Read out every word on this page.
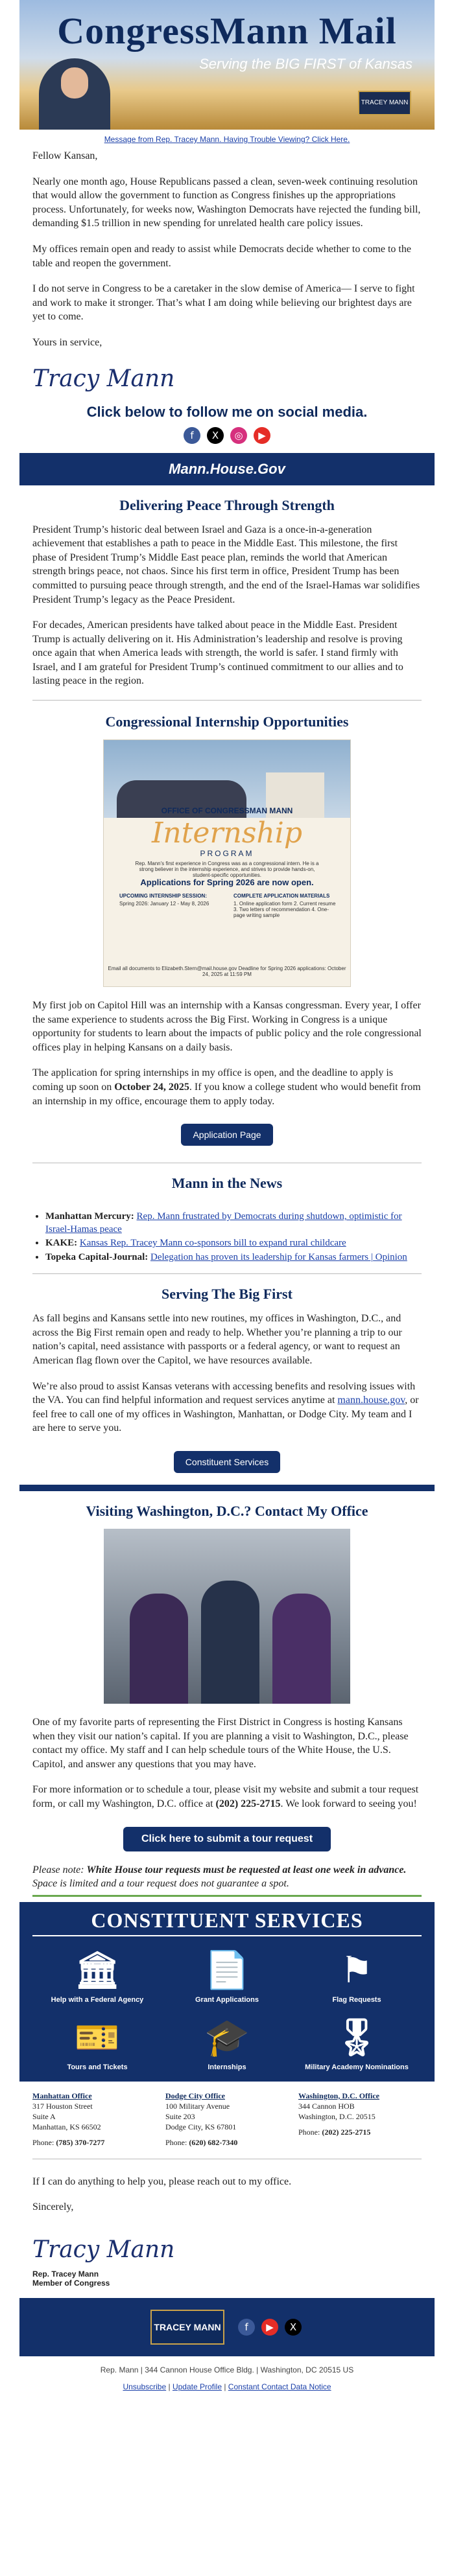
CongressMann Mail
Serving the BIG FIRST of Kansas
TRACEY MANN
Message from Rep. Tracey Mann. Having Trouble Viewing? Click Here.

Fellow Kansan,

Nearly one month ago, House Republicans passed a clean, seven-week continuing resolution that would allow the government to function as Congress finishes up the appropriations process. Unfortunately, for weeks now, Washington Democrats have rejected the funding bill, demanding $1.5 trillion in new spending for unrelated health care policy issues.

My offices remain open and ready to assist while Democrats decide whether to come to the table and reopen the government.

I do not serve in Congress to be a caretaker in the slow demise of America— I serve to fight and work to make it stronger. That’s what I am doing while believing our brightest days are yet to come.

Yours in service,

Tracy Mann
Click below to follow me on social media.
f X ◎ ▶
Mann.House.Gov
Delivering Peace Through Strength

President Trump’s historic deal between Israel and Gaza is a once-in-a-generation achievement that establishes a path to peace in the Middle East. This milestone, the first phase of President Trump’s Middle East peace plan, reminds the world that American strength brings peace, not chaos. Since his first term in office, President Trump has been committed to pursuing peace through strength, and the end of the Israel-Hamas war solidifies President Trump’s legacy as the Peace President.

For decades, American presidents have talked about peace in the Middle East. President Trump is actually delivering on it. His Administration’s leadership and resolve is proving once again that when America leads with strength, the world is safer. I stand firmly with Israel, and I am grateful for President Trump’s continued commitment to our allies and to lasting peace in the region.

Congressional Internship Opportunities
OFFICE OF CONGRESSMAN MANN
Internship
PROGRAM
Rep. Mann's first experience in Congress was as a congressional intern. He is a strong believer in the internship experience, and strives to provide hands-on, student-specific opportunities.
Applications for Spring 2026 are now open.
UPCOMING INTERNSHIP SESSION:
Spring 2026: January 12 - May 8, 2026
COMPLETE APPLICATION MATERIALS
1. Online application form 2. Current resume 3. Two letters of recommendation 4. One-page writing sample
Email all documents to Elizabeth.Stern@mail.house.gov Deadline for Spring 2026 applications: October 24, 2025 at 11:59 PM

My first job on Capitol Hill was an internship with a Kansas congressman. Every year, I offer the same experience to students across the Big First. Working in Congress is a unique opportunity for students to learn about the impacts of public policy and the role congressional offices play in helping Kansans on a daily basis.

The application for spring internships in my office is open, and the deadline to apply is coming up soon on October 24, 2025. If you know a college student who would benefit from an internship in my office, encourage them to apply today.

Application Page
Mann in the News
• Manhattan Mercury: Rep. Mann frustrated by Democrats during shutdown, optimistic for Israel-Hamas peace
• KAKE: Kansas Rep. Tracey Mann co-sponsors bill to expand rural childcare
• Topeka Capital-Journal: Delegation has proven its leadership for Kansas farmers | Opinion
Serving The Big First

As fall begins and Kansans settle into new routines, my offices in Washington, D.C., and across the Big First remain open and ready to help. Whether you’re planning a trip to our nation’s capital, need assistance with passports or a federal agency, or want to request an American flag flown over the Capitol, we have resources available.

We’re also proud to assist Kansas veterans with accessing benefits and resolving issues with the VA. You can find helpful information and request services anytime at mann.house.gov, or feel free to call one of my offices in Washington, Manhattan, or Dodge City. My team and I are here to serve you.

Constituent Services
Visiting Washington, D.C.? Contact My Office

One of my favorite parts of representing the First District in Congress is hosting Kansans when they visit our nation’s capital. If you are planning a visit to Washington, D.C., please contact my office. My staff and I can help schedule tours of the White House, the U.S. Capitol, and answer any questions that you may have.

For more information or to schedule a tour, please visit my website and submit a tour request form, or call my Washington, D.C. office at (202) 225-2715. We look forward to seeing you!

Click here to submit a tour request
Please note: White House tour requests must be requested at least one week in advance. Space is limited and a tour request does not guarantee a spot.
CONSTITUENT SERVICES
🏛
Help with a Federal Agency
📄
Grant Applications
⚑
Flag Requests
🎫
Tours and Tickets
🎓
Internships
🎖
Military Academy Nominations
Manhattan Office
317 Houston Street
Suite A
Manhattan, KS 66502
Phone: (785) 370-7277
Dodge City Office
100 Military Avenue
Suite 203
Dodge City, KS 67801
Phone: (620) 682-7340
Washington, D.C. Office
344 Cannon HOB
Washington, D.C. 20515
Phone: (202) 225-2715

If I can do anything to help you, please reach out to my office.

Sincerely,

Tracy Mann
Rep. Tracey Mann
Member of Congress
TRACEY MANN f ▶ X
Rep. Mann | 344 Cannon House Office Bldg. | Washington, DC 20515 US
Unsubscribe | Update Profile | Constant Contact Data Notice
